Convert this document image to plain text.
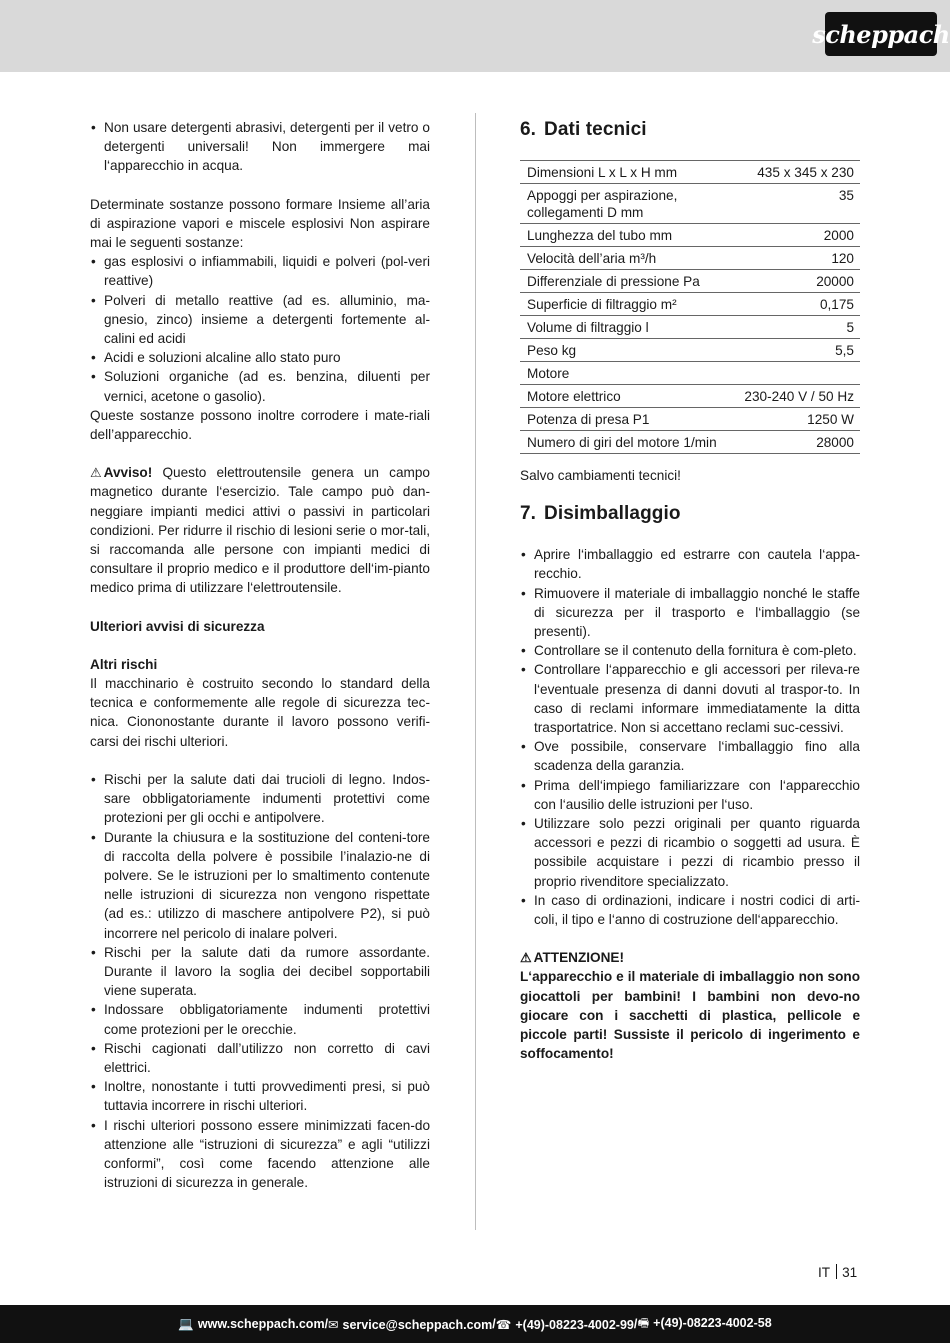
scheppach
• Non usare detergenti abrasivi, detergenti per il vetro o detergenti universali! Non immergere mai l‘apparecchio in acqua.

Determinate sostanze possono formare Insieme all’aria di aspirazione vapori e miscele esplosivi Non aspirare mai le seguenti sostanze:

• gas esplosivi o infiammabili, liquidi e polveri (pol-veri reattive)
• Polveri di metallo reattive (ad es. alluminio, ma-gnesio, zinco) insieme a detergenti fortemente al-calini ed acidi
• Acidi e soluzioni alcaline allo stato puro
• Soluzioni organiche (ad es. benzina, diluenti per vernici, acetone o gasolio).

Queste sostanze possono inoltre corrodere i mate-riali dell’apparecchio.

⚠ Avviso! Questo elettroutensile genera un campo magnetico durante l‘esercizio. Tale campo può dan-neggiare impianti medici attivi o passivi in particolari condizioni. Per ridurre il rischio di lesioni serie o mor-tali, si raccomanda alle persone con impianti medici di consultare il proprio medico e il produttore dell‘im-pianto medico prima di utilizzare l‘elettroutensile.

Ulteriori avvisi di sicurezza

Altri rischi

Il macchinario è costruito secondo lo standard della tecnica e conformemente alle regole di sicurezza tec-nica. Ciononostante durante il lavoro possono verifi-carsi dei rischi ulteriori.

• Rischi per la salute dati dai trucioli di legno. Indos-sare obbligatoriamente indumenti protettivi come protezioni per gli occhi e antipolvere.
• Durante la chiusura e la sostituzione del conteni-tore di raccolta della polvere è possibile l’inalazio-ne di polvere. Se le istruzioni per lo smaltimento contenute nelle istruzioni di sicurezza non vengono rispettate (ad es.: utilizzo di maschere antipolvere P2), si può incorrere nel pericolo di inalare polveri.
• Rischi per la salute dati da rumore assordante. Durante il lavoro la soglia dei decibel sopportabili viene superata.
• Indossare obbligatoriamente indumenti protettivi come protezioni per le orecchie.
• Rischi cagionati dall’utilizzo non corretto di cavi elettrici.
• Inoltre, nonostante i tutti provvedimenti presi, si può tuttavia incorrere in rischi ulteriori.
• I rischi ulteriori possono essere minimizzati facen-do attenzione alle “istruzioni di sicurezza” e agli “utilizzi conformi”, così come facendo attenzione alle istruzioni di sicurezza in generale.
6. Dati tecnici
Dimensioni L x L x H mm	435 x 345 x 230
Appoggi per aspirazione, collegamenti D mm	35
Lunghezza del tubo mm	2000
Velocità dell’aria m³/h	120
Differenziale di pressione Pa	20000
Superficie di filtraggio m²	0,175
Volume di filtraggio l	5
Peso kg	5,5
Motore	
Motore elettrico	230-240 V / 50 Hz
Potenza di presa P1	1250 W
Numero di giri del motore 1/min	28000

Salvo cambiamenti tecnici!

7. Disimballaggio
• Aprire l‘imballaggio ed estrarre con cautela l‘appa-recchio.
• Rimuovere il materiale di imballaggio nonché le staffe di sicurezza per il trasporto e l‘imballaggio (se presenti).
• Controllare se il contenuto della fornitura è com-pleto.
• Controllare l‘apparecchio e gli accessori per rileva-re l‘eventuale presenza di danni dovuti al traspor-to. In caso di reclami informare immediatamente la ditta trasportatrice. Non si accettano reclami suc-cessivi.
• Ove possibile, conservare l‘imballaggio fino alla scadenza della garanzia.
• Prima dell‘impiego familiarizzare con l‘apparecchio con l‘ausilio delle istruzioni per l‘uso.
• Utilizzare solo pezzi originali per quanto riguarda accessori e pezzi di ricambio o soggetti ad usura. È possibile acquistare i pezzi di ricambio presso il proprio rivenditore specializzato.
• In caso di ordinazioni, indicare i nostri codici di arti-coli, il tipo e l‘anno di costruzione dell‘apparecchio.

⚠ ATTENZIONE!

L‘apparecchio e il materiale di imballaggio non sono giocattoli per bambini! I bambini non devo-no giocare con i sacchetti di plastica, pellicole e piccole parti! Sussiste il pericolo di ingerimento e soffocamento!

IT 31
💻 www.scheppach.com / ✉ service@scheppach.com / ☎ +(49)-08223-4002-99 / 🖷 +(49)-08223-4002-58
